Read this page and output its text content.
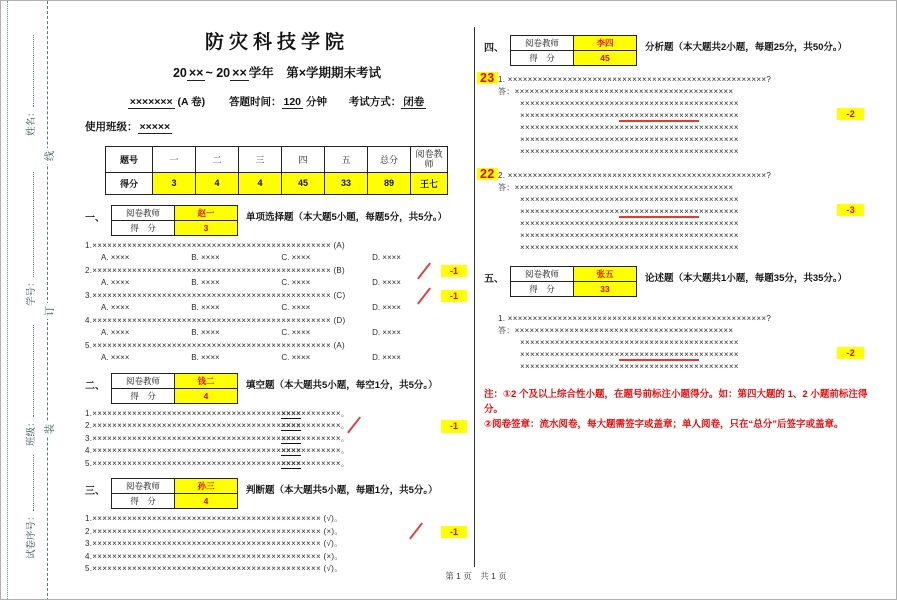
线
订
装
姓名：
学号：
班级：
试卷序号：
防灾科技学院
20 ×× ~ 20 ×× 学年　第×学期期末考试
××××××× (A 卷) 答题时间： 120 分钟 考试方式： 闭卷
使用班级： ×××××
题号	一	二	三	四	五	总分	阅卷教师
得分	3	4	4	45	33	89	王七
一、	阅卷教师	赵一
得　分	3
单项选择题（本大题5小题，每题5分，共5分。）
1.×××××××××××××××××××××××××××××××××××××××××××××××× (A)
A. ××××	B. ××××	C. ××××	D. ××××
2.×××××××××××××××××××××××××××××××××××××××××××××××× (B)	-1
A. ××××	B. ××××	C. ××××	D. ××××
3.×××××××××××××××××××××××××××××××××××××××××××××××× (C)	-1
A. ××××	B. ××××	C. ××××	D. ××××
4.×××××××××××××××××××××××××××××××××××××××××××××××× (D)
A. ××××	B. ××××	C. ××××	D. ××××
5.×××××××××××××××××××××××××××××××××××××××××××××××× (A)
A. ××××	B. ××××	C. ××××	D. ××××
二、	阅卷教师	钱二
得　分	4
填空题（本大题共5小题，每空1分，共5分。）
1.××××××××××××××××××××××××××××××××××××××××××××××××××。
2.××××××××××××××××××××××××××××××××××××××××××××××××××。	-1
3.××××××××××××××××××××××××××××××××××××××××××××××××××。
4.××××××××××××××××××××××××××××××××××××××××××××××××××。
5.××××××××××××××××××××××××××××××××××××××××××××××××××。
三、	阅卷教师	孙三
得　分	4
判断题（本大题共5小题，每题1分，共5分。）
1.×××××××××××××××××××××××××××××××××××××××××××××× (√)。
2.×××××××××××××××××××××××××××××××××××××××××××××× (×)。	-1
3.×××××××××××××××××××××××××××××××××××××××××××××× (√)。
4.×××××××××××××××××××××××××××××××××××××××××××××× (×)。
5.×××××××××××××××××××××××××××××××××××××××××××××× (√)。
四、	阅卷教师	李四
得　分	45
分析题（本大题共2小题，每题25分，共50分。）
23 1. ××××××××××××××××××××××××××××××××××××××××××××××××××××?
答：××××××××××××××××××××××××××××××××××××××××××××
××××××××××××××××××××××××××××××××××××××××××××
××××××××××××××××××××××××××××××××××××××××××××	-2
××××××××××××××××××××××××××××××××××××××××××××
××××××××××××××××××××××××××××××××××××××××××××
××××××××××××××××××××××××××××××××××××××××××××
22 2. ××××××××××××××××××××××××××××××××××××××××××××××××××××?
答：××××××××××××××××××××××××××××××××××××××××××××
××××××××××××××××××××××××××××××××××××××××××××
××××××××××××××××××××××××××××××××××××××××××××	-3
××××××××××××××××××××××××××××××××××××××××××××
××××××××××××××××××××××××××××××××××××××××××××
××××××××××××××××××××××××××××××××××××××××××××
五、	阅卷教师	张五
得　分	33
论述题（本大题共1小题，每题35分，共35分。）
1. ××××××××××××××××××××××××××××××××××××××××××××××××××××?
答：××××××××××××××××××××××××××××××××××××××××××××
××××××××××××××××××××××××××××××××××××××××××××
××××××××××××××××××××××××××××××××××××××××××××	-2
××××××××××××××××××××××××××××××××××××××××××××
注：①2 个及以上综合性小题，在题号前标注小题得分。如：第四大题的 1、2 小题前标注得分。
②阅卷签章：流水阅卷，每大题需签字或盖章；单人阅卷，只在“总分”后签字或盖章。
第 1 页　共 1 页
